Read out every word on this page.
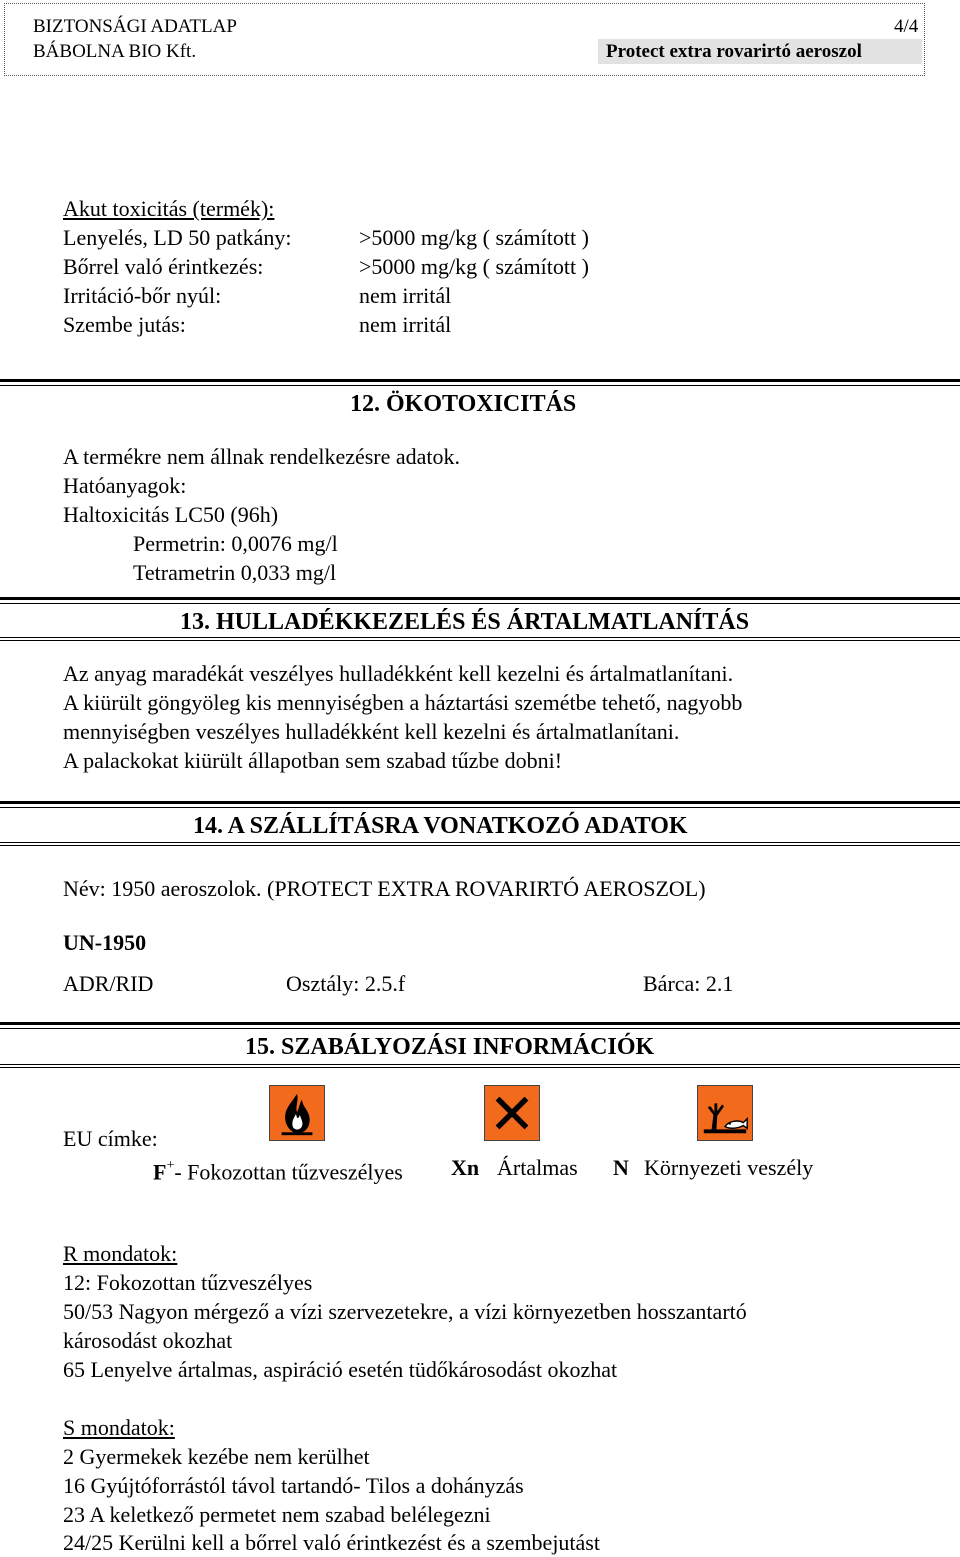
BIZTONSÁGI ADATLAP
BÁBOLNA BIO Kft.
4/4
Protect extra rovarirtó aeroszol
Akut toxicitás (termék):
Lenyelés, LD 50 patkány:	>5000 mg/kg ( számított )
Bőrrel való érintkezés:	>5000 mg/kg ( számított )
Irritáció-bőr nyúl:	nem irritál
Szembe jutás:	nem irritál
12. ÖKOTOXICITÁS
A termékre nem állnak rendelkezésre adatok.
Hatóanyagok:
Haltoxicitás LC50 (96h)
Permetrin: 0,0076 mg/l
Tetrametrin 0,033 mg/l
13. HULLADÉKKEZELÉS ÉS ÁRTALMATLANÍTÁS
Az anyag maradékát veszélyes hulladékként kell kezelni és ártalmatlanítani.
A kiürült göngyöleg kis mennyiségben a háztartási szemétbe tehető, nagyobb
mennyiségben veszélyes hulladékként kell kezelni és ártalmatlanítani.
A palackokat kiürült állapotban sem szabad tűzbe dobni!
14. A SZÁLLÍTÁSRA VONATKOZÓ ADATOK
Név: 1950 aeroszolok. (PROTECT EXTRA ROVARIRTÓ AEROSZOL)
UN-1950
ADR/RID	Osztály: 2.5.f	Bárca: 2.1
15. SZABÁLYOZÁSI INFORMÁCIÓK
EU címke:
F+- Fokozottan tűzveszélyes Xn Ártalmas N Környezeti veszély
R mondatok:
12: Fokozottan tűzveszélyes
50/53 Nagyon mérgező a vízi szervezetekre, a vízi környezetben hosszantartó
károsodást okozhat
65 Lenyelve ártalmas, aspiráció esetén tüdőkárosodást okozhat
S mondatok:
2 Gyermekek kezébe nem kerülhet
16 Gyújtóforrástól távol tartandó- Tilos a dohányzás
23 A keletkező permetet nem szabad belélegezni
24/25 Kerülni kell a bőrrel való érintkezést és a szembejutást
